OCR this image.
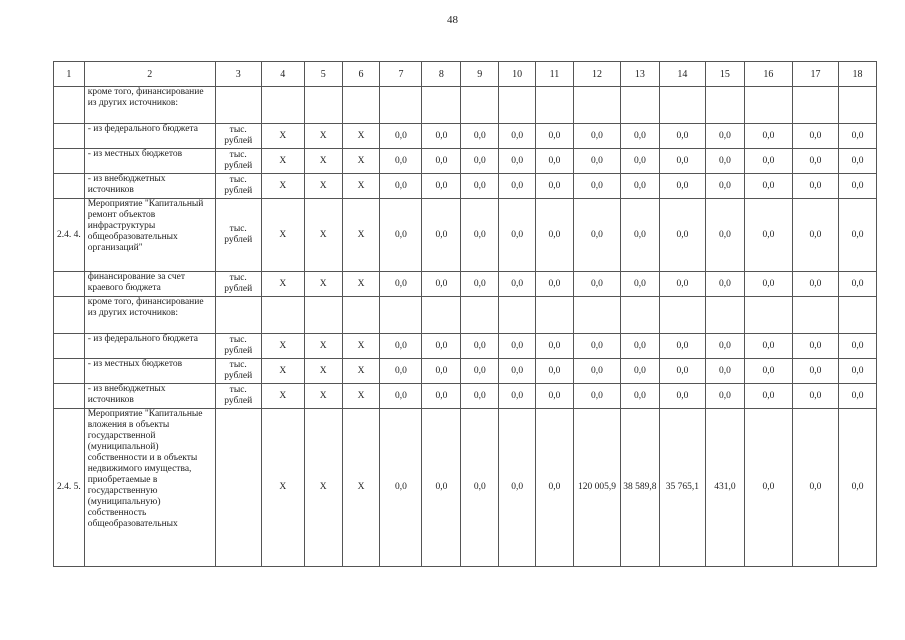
48
1	2	3	4	5	6	7	8	9	10	11	12	13	14	15	16	17	18
	кроме того, финансирование из других источников:																
	- из федерального бюджета	тыс. рублей	Х	Х	Х	0,0	0,0	0,0	0,0	0,0	0,0	0,0	0,0	0,0	0,0	0,0	0,0
	- из местных бюджетов	тыс. рублей	Х	Х	Х	0,0	0,0	0,0	0,0	0,0	0,0	0,0	0,0	0,0	0,0	0,0	0,0
	- из внебюджетных источников	тыс. рублей	Х	Х	Х	0,0	0,0	0,0	0,0	0,0	0,0	0,0	0,0	0,0	0,0	0,0	0,0
2.4. 4.	Мероприятие "Капитальный ремонт объектов инфраструктуры общеобразовательных организаций"	тыс. рублей	Х	Х	Х	0,0	0,0	0,0	0,0	0,0	0,0	0,0	0,0	0,0	0,0	0,0	0,0
	финансирование за счет краевого бюджета	тыс. рублей	Х	Х	Х	0,0	0,0	0,0	0,0	0,0	0,0	0,0	0,0	0,0	0,0	0,0	0,0
	кроме того, финансирование из других источников:																
	- из федерального бюджета	тыс. рублей	Х	Х	Х	0,0	0,0	0,0	0,0	0,0	0,0	0,0	0,0	0,0	0,0	0,0	0,0
	- из местных бюджетов	тыс. рублей	Х	Х	Х	0,0	0,0	0,0	0,0	0,0	0,0	0,0	0,0	0,0	0,0	0,0	0,0
	- из внебюджетных источников	тыс. рублей	Х	Х	Х	0,0	0,0	0,0	0,0	0,0	0,0	0,0	0,0	0,0	0,0	0,0	0,0
2.4. 5.	Мероприятие "Капитальные вложения в объекты государственной (муниципальной) собственности и в объекты недвижимого имущества, приобретаемые в государственную (муниципальную) собственность общеобразовательных		Х	Х	Х	0,0	0,0	0,0	0,0	0,0	120 005,9	38 589,8	35 765,1	431,0	0,0	0,0	0,0
